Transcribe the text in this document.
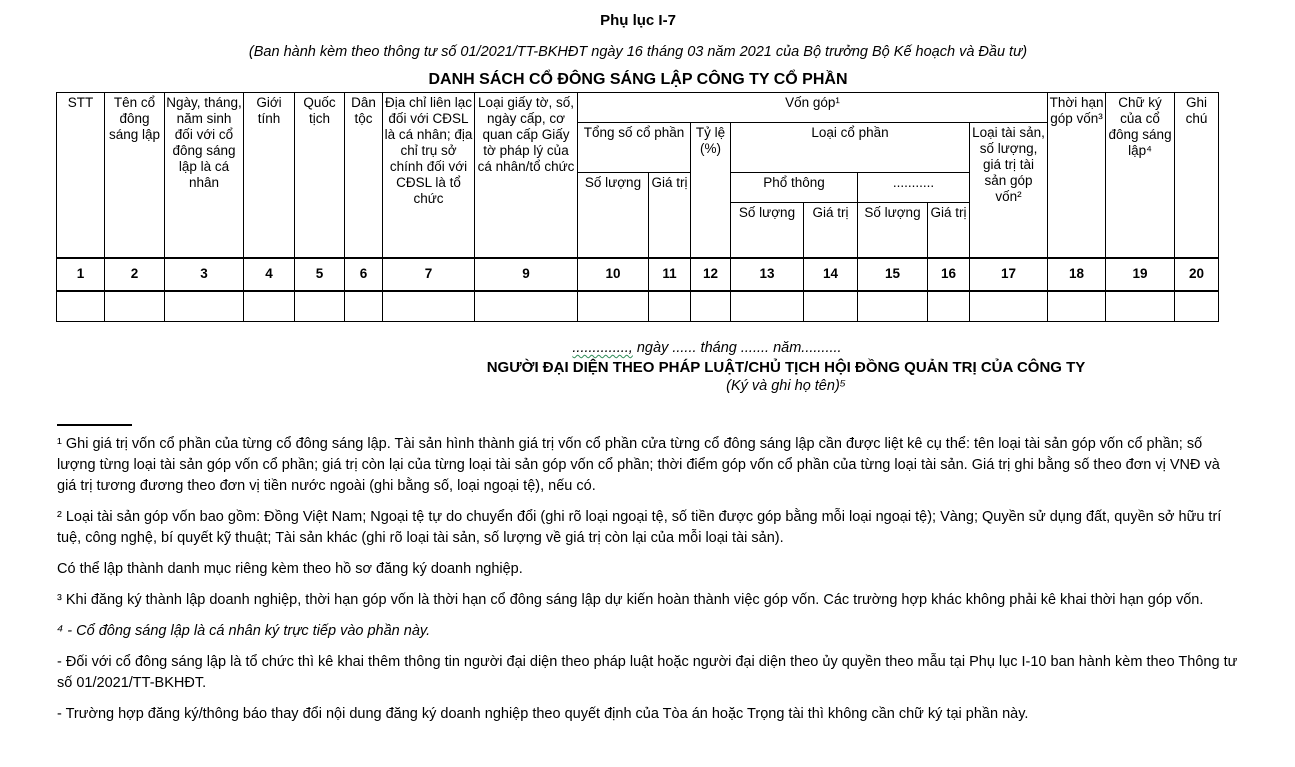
Phụ lục I-7
(Ban hành kèm theo thông tư số 01/2021/TT-BKHĐT ngày 16 tháng 03 năm 2021 của Bộ trưởng Bộ Kế hoạch và Đầu tư)
DANH SÁCH CỔ ĐÔNG SÁNG LẬP CÔNG TY CỔ PHẦN
STT	Tên cổ đông sáng lập	Ngày, tháng, năm sinh đối với cổ đông sáng lập là cá nhân	Giới tính	Quốc tịch	Dân tộc	Địa chỉ liên lạc đối với CĐSL là cá nhân; địa chỉ trụ sở chính đối với CĐSL là tổ chức	Loại giấy tờ, số, ngày cấp, cơ quan cấp Giấy tờ pháp lý của cá nhân/tổ chức	Vốn góp¹								Thời hạn góp vốn³	Chữ ký của cổ đông sáng lập⁴	Ghi chú
								Tổng số cổ phần		Tỷ lệ (%)	Loại cổ phần				Loại tài sản, số lượng, giá trị tài sản góp vốn²			
								Số lượng	Giá trị		Phổ thông		...........					
											Số lượng	Giá trị	Số lượng	Giá trị				
1	2	3	4	5	6	7	9	10	11	12	13	14	15	16	17	18	19	20

.............., ngày ...... tháng ....... năm..........
NGƯỜI ĐẠI DIỆN THEO PHÁP LUẬT/CHỦ TỊCH HỘI ĐỒNG QUẢN TRỊ CỦA CÔNG TY
(Ký và ghi họ tên)⁵

¹ Ghi giá trị vốn cổ phần của từng cổ đông sáng lập. Tài sản hình thành giá trị vốn cổ phần cửa từng cổ đông sáng lập cần được liệt kê cụ thể: tên loại tài sản góp vốn cổ phần; số lượng từng loại tài sản góp vốn cổ phần; giá trị còn lại của từng loại tài sản góp vốn cổ phần; thời điểm góp vốn cổ phần của từng loại tài sản. Giá trị ghi bằng số theo đơn vị VNĐ và giá trị tương đương theo đơn vị tiền nước ngoài (ghi bằng số, loại ngoại tệ), nếu có.

² Loại tài sản góp vốn bao gồm: Đồng Việt Nam; Ngoại tệ tự do chuyển đổi (ghi rõ loại ngoại tệ, số tiền được góp bằng mỗi loại ngoại tệ); Vàng; Quyền sử dụng đất, quyền sở hữu trí tuệ, công nghệ, bí quyết kỹ thuật; Tài sản khác (ghi rõ loại tài sản, số lượng về giá trị còn lại của mỗi loại tài sản).

Có thể lập thành danh mục riêng kèm theo hồ sơ đăng ký doanh nghiệp.

³ Khi đăng ký thành lập doanh nghiệp, thời hạn góp vốn là thời hạn cổ đông sáng lập dự kiến hoàn thành việc góp vốn. Các trường hợp khác không phải kê khai thời hạn góp vốn.

⁴ - Cổ đông sáng lập là cá nhân ký trực tiếp vào phần này.

- Đối với cổ đông sáng lập là tổ chức thì kê khai thêm thông tin người đại diện theo pháp luật hoặc người đại diện theo ủy quyền theo mẫu tại Phụ lục I-10 ban hành kèm theo Thông tư số 01/2021/TT-BKHĐT.

- Trường hợp đăng ký/thông báo thay đổi nội dung đăng ký doanh nghiệp theo quyết định của Tòa án hoặc Trọng tài thì không cần chữ ký tại phần này.
